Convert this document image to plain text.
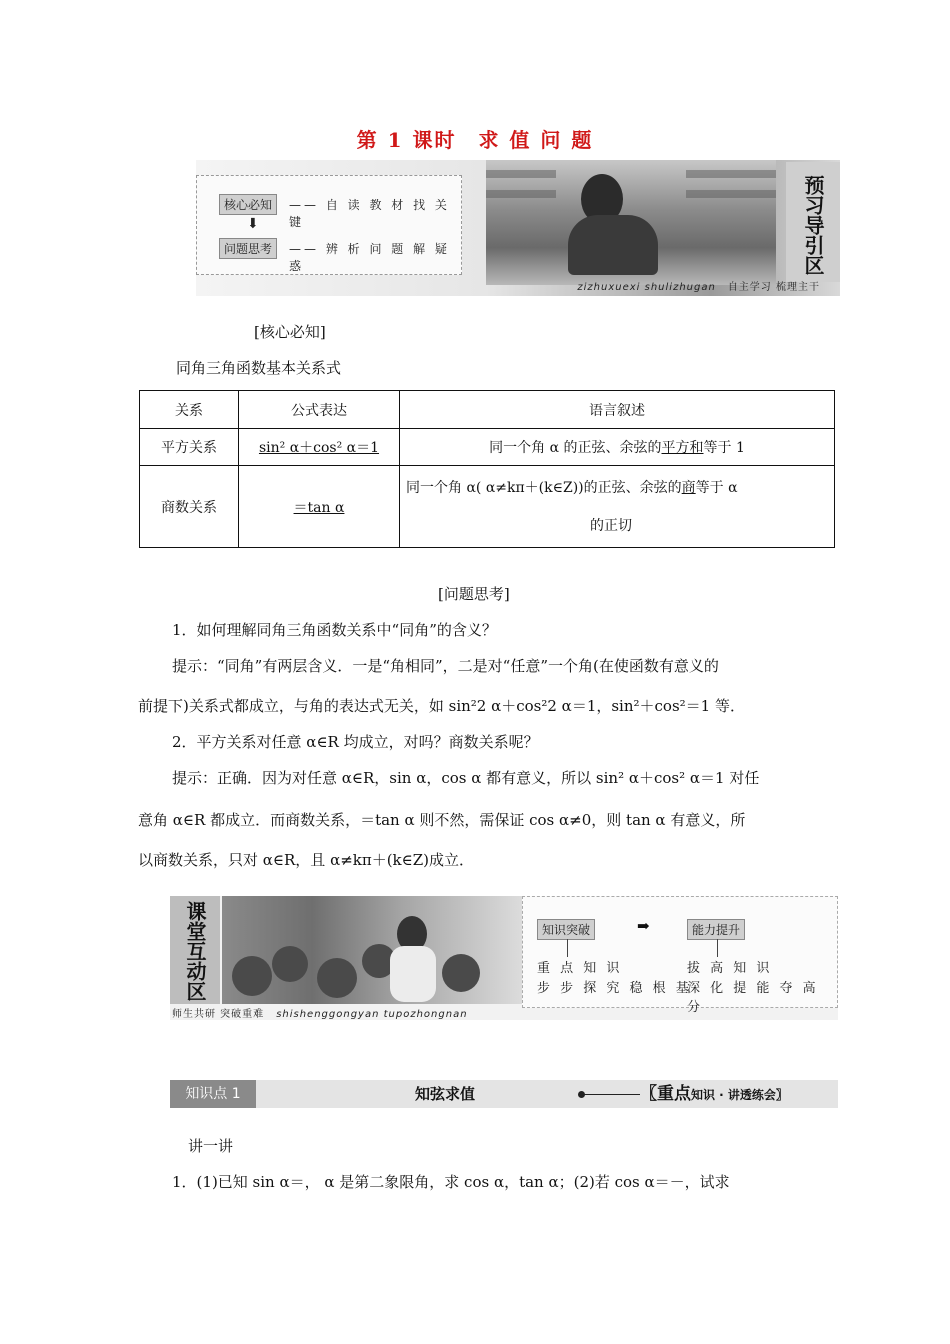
第 1 课时　求 值 问 题
核心必知	—— 自 读 教 材 找 关 键
⬇
问题思考	—— 辨 析 问 题 解 疑 惑	预习导引区
zizhuxuexi shulizhugan 自主学习 梳理主干
[核心必知]
同角三角函数基本关系式
关系	公式表达	语言叙述
平方关系	sin² α＋cos² α＝1	同一个角 α 的正弦、余弦的平方和等于 1
商数关系	＝tan α	同一个角 α( α≠kπ＋(k∈Z))的正弦、余弦的商等于 α
的正切
[问题思考]
1．如何理解同角三角函数关系中“同角”的含义？
提示：“同角”有两层含义．一是“角相同”，二是对“任意”一个角(在使函数有意义的
前提下)关系式都成立，与角的表达式无关，如 sin²2 α＋cos²2 α＝1，sin²＋cos²＝1 等．
2．平方关系对任意 α∈R 均成立，对吗？商数关系呢？
提示：正确．因为对任意 α∈R，sin α，cos α 都有意义，所以 sin² α＋cos² α＝1 对任
意角 α∈R 都成立．而商数关系，＝tan α 则不然，需保证 cos α≠0，则 tan α 有意义，所
以商数关系，只对 α∈R，且 α≠kπ＋(k∈Z)成立．
课堂互动区	知识突破	➡	能力提升
重 点 知 识
步 步 探 究 稳 根 基
拔 高 知 识
深 化 提 能 夺 高 分
师生共研 突破重难 shishenggongyan tupozhongnan
知识点 1	知弦求值	〖重点知识 · 讲透练会〗
讲一讲
1．(1)已知 sin α＝， α 是第二象限角，求 cos α，tan α；(2)若 cos α＝－，试求
